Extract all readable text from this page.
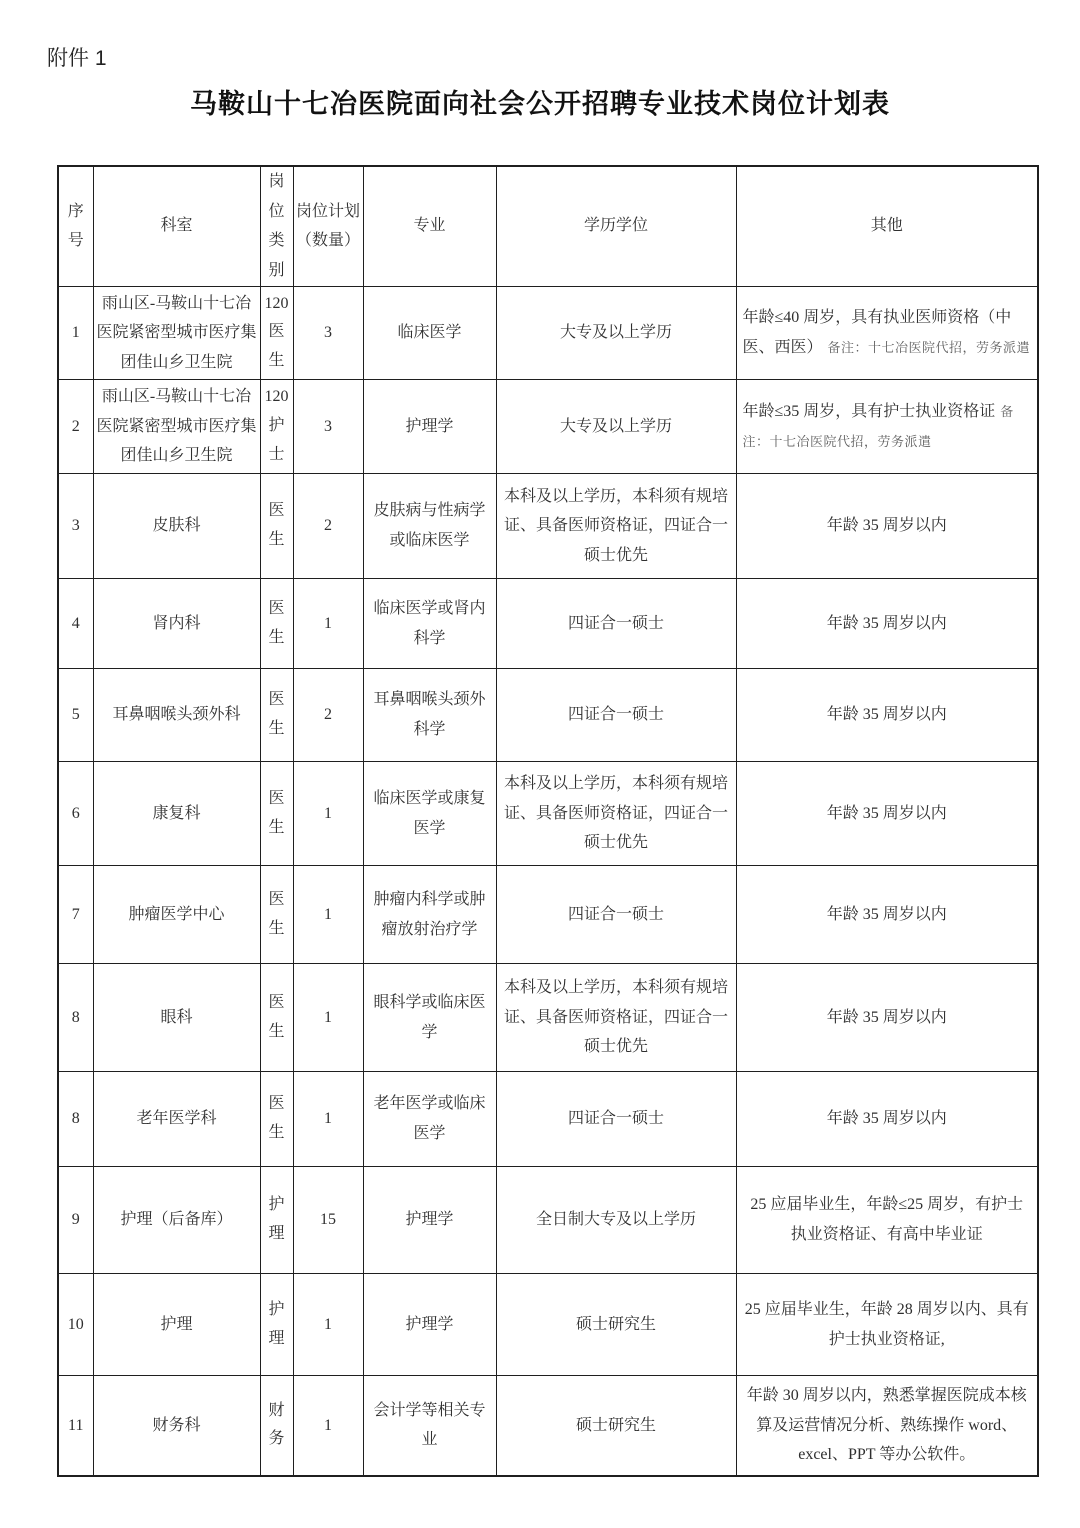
附件 1
马鞍山十七冶医院面向社会公开招聘专业技术岗位计划表
序号	科室	岗位类别	岗位计划（数量）	专业	学历学位	其他
1	雨山区-马鞍山十七冶医院紧密型城市医疗集团佳山乡卫生院	120医生	3	临床医学	大专及以上学历	年龄≤40 周岁，具有执业医师资格（中医、西医） 备注：十七冶医院代招，劳务派遣
2	雨山区-马鞍山十七冶医院紧密型城市医疗集团佳山乡卫生院	120护士	3	护理学	大专及以上学历	年龄≤35 周岁，具有护士执业资格证 备注：十七冶医院代招，劳务派遣
3	皮肤科	医生	2	皮肤病与性病学或临床医学	本科及以上学历，本科须有规培证、具备医师资格证，四证合一硕士优先	年龄 35 周岁以内
4	肾内科	医生	1	临床医学或肾内科学	四证合一硕士	年龄 35 周岁以内
5	耳鼻咽喉头颈外科	医生	2	耳鼻咽喉头颈外科学	四证合一硕士	年龄 35 周岁以内
6	康复科	医生	1	临床医学或康复医学	本科及以上学历，本科须有规培证、具备医师资格证，四证合一硕士优先	年龄 35 周岁以内
7	肿瘤医学中心	医生	1	肿瘤内科学或肿瘤放射治疗学	四证合一硕士	年龄 35 周岁以内
8	眼科	医生	1	眼科学或临床医学	本科及以上学历，本科须有规培证、具备医师资格证，四证合一硕士优先	年龄 35 周岁以内
8	老年医学科	医生	1	老年医学或临床医学	四证合一硕士	年龄 35 周岁以内
9	护理（后备库）	护理	15	护理学	全日制大专及以上学历	25 应届毕业生，年龄≤25 周岁，有护士执业资格证、有高中毕业证
10	护理	护理	1	护理学	硕士研究生	25 应届毕业生，年龄 28 周岁以内、具有护士执业资格证,
11	财务科	财务	1	会计学等相关专业	硕士研究生	年龄 30 周岁以内，熟悉掌握医院成本核算及运营情况分析、熟练操作 word、excel、PPT 等办公软件。
